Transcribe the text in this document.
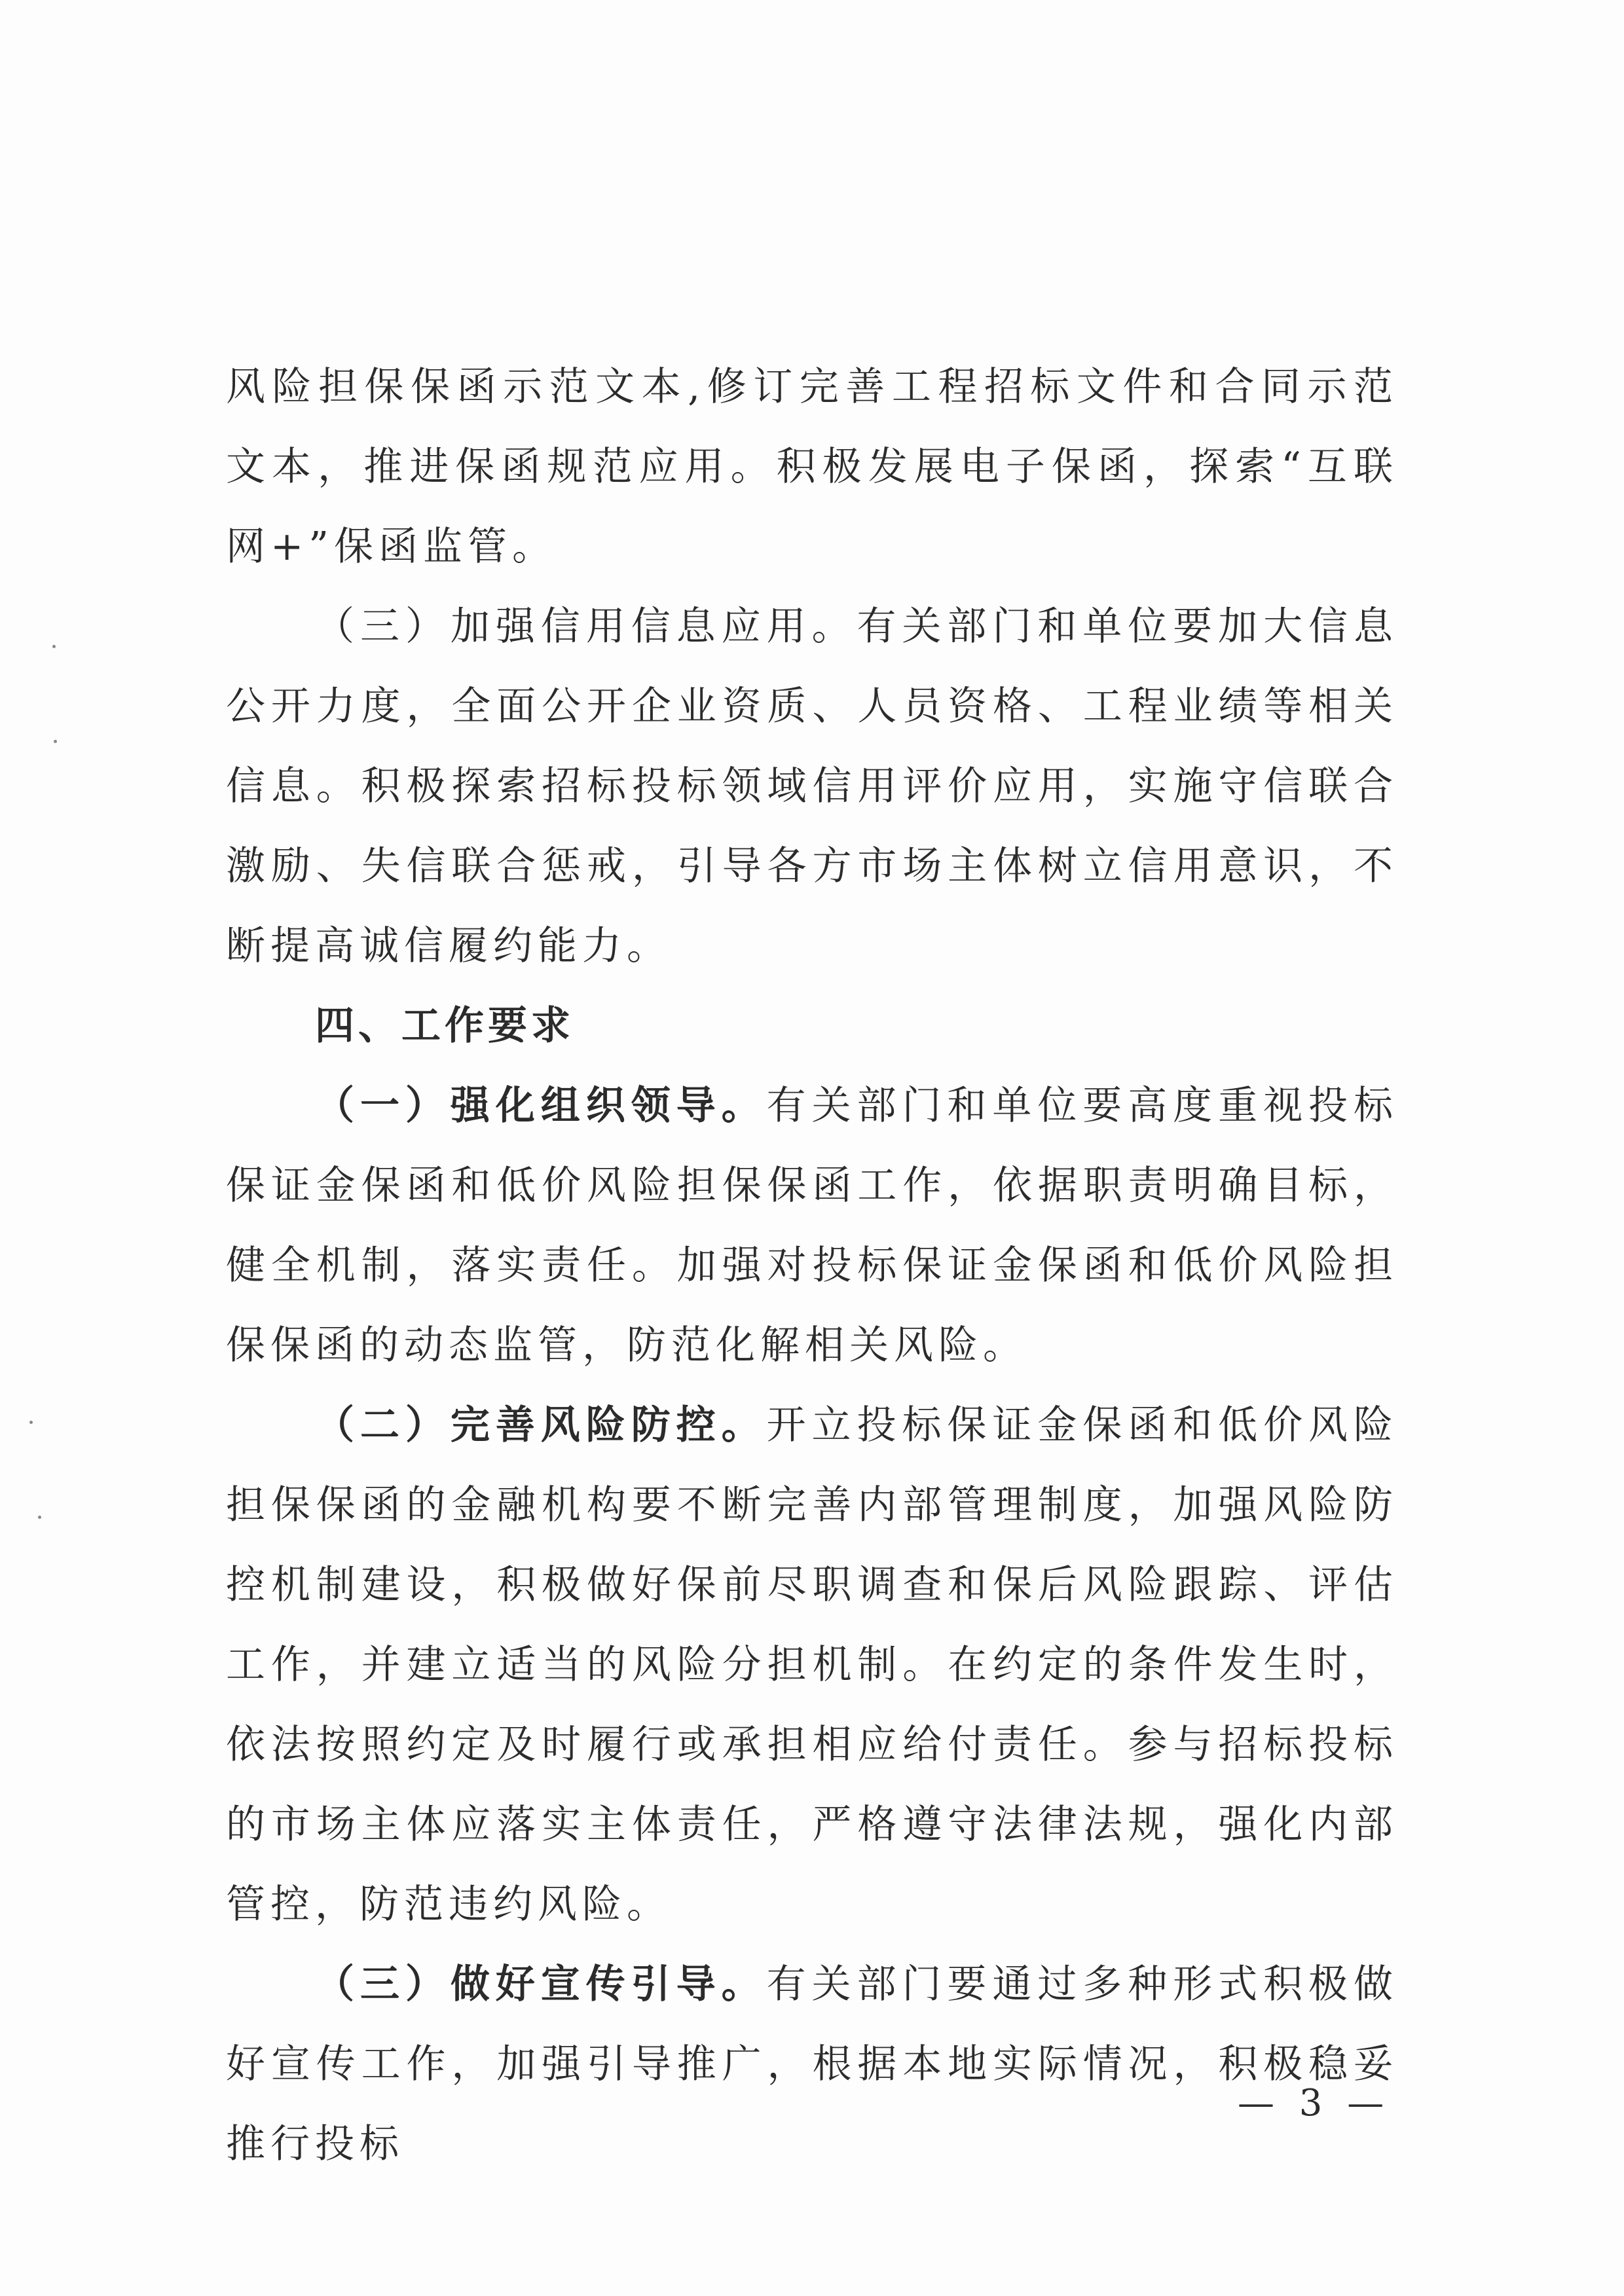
风险担保保函示范文本,修订完善工程招标文件和合同示范文本，推进保函规范应用。积极发展电子保函，探索“互联网+”保函监管。

（三）加强信用信息应用。有关部门和单位要加大信息公开力度，全面公开企业资质、人员资格、工程业绩等相关信息。积极探索招标投标领域信用评价应用，实施守信联合激励、失信联合惩戒，引导各方市场主体树立信用意识，不断提高诚信履约能力。

四、工作要求

（一）强化组织领导。有关部门和单位要高度重视投标保证金保函和低价风险担保保函工作，依据职责明确目标，健全机制，落实责任。加强对投标保证金保函和低价风险担保保函的动态监管，防范化解相关风险。

（二）完善风险防控。开立投标保证金保函和低价风险担保保函的金融机构要不断完善内部管理制度，加强风险防控机制建设，积极做好保前尽职调查和保后风险跟踪、评估工作，并建立适当的风险分担机制。在约定的条件发生时，依法按照约定及时履行或承担相应给付责任。参与招标投标的市场主体应落实主体责任，严格遵守法律法规，强化内部管控，防范违约风险。

（三）做好宣传引导。有关部门要通过多种形式积极做好宣传工作，加强引导推广，根据本地实际情况，积极稳妥推行投标

— 3 —
